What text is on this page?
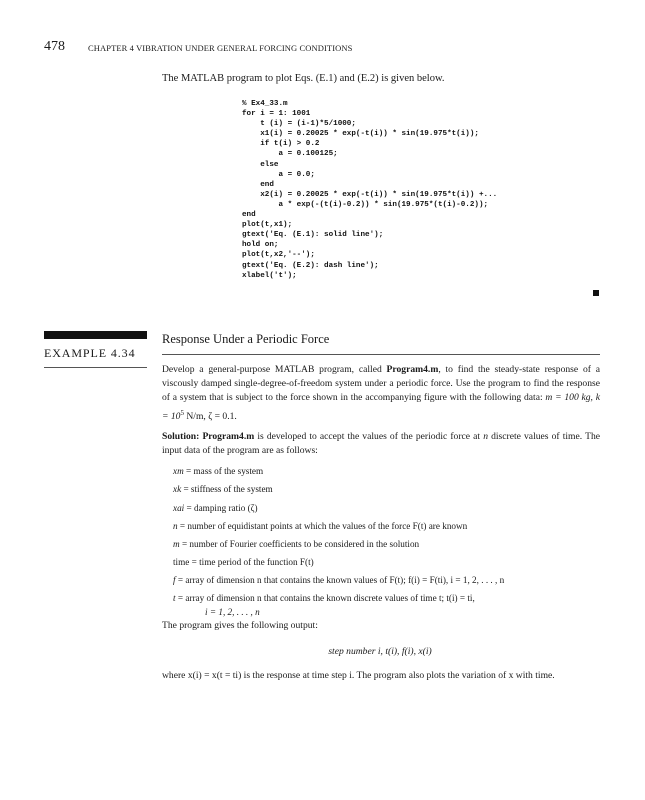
478	CHAPTER 4 VIBRATION UNDER GENERAL FORCING CONDITIONS
The MATLAB program to plot Eqs. (E.1) and (E.2) is given below.
% Ex4_33.m
for i = 1: 1001
t (i) = (i-1)*5/1000;
x1(i) = 0.20025 * exp(-t(i)) * sin(19.975*t(i));
if t(i) > 0.2
a = 0.100125;
else
a = 0.0;
end
x2(i) = 0.20025 * exp(-t(i)) * sin(19.975*t(i)) +...
a * exp(-(t(i)-0.2)) * sin(19.975*(t(i)-0.2));
end
plot(t,x1);
gtext('Eq. (E.1): solid line');
hold on;
plot(t,x2,'--');
gtext('Eq. (E.2): dash line');
xlabel('t');
EXAMPLE 4.34
Response Under a Periodic Force
Develop a general-purpose MATLAB program, called Program4.m, to find the steady-state response of a viscously damped single-degree-of-freedom system under a periodic force. Use the program to find the response of a system that is subject to the force shown in the accompanying figure with the following data: m = 100 kg, $k = 10^5$ N/m, ζ = 0.1.
Solution: Program4.m is developed to accept the values of the periodic force at n discrete values of time. The input data of the program are as follows:
xm = mass of the system
xk = stiffness of the system
xai = damping ratio (ζ)
n = number of equidistant points at which the values of the force F(t) are known
m = number of Fourier coefficients to be considered in the solution
time = time period of the function F(t)
f = array of dimension n that contains the known values of F(t); f(i) = F(ti), i = 1, 2, . . . , n
t = array of dimension n that contains the known discrete values of time t; t(i) = ti,
i = 1, 2, . . . , n
The program gives the following output:
step number i, t(i), f(i), x(i)
where x(i) = x(t = ti) is the response at time step i. The program also plots the variation of x with time.
